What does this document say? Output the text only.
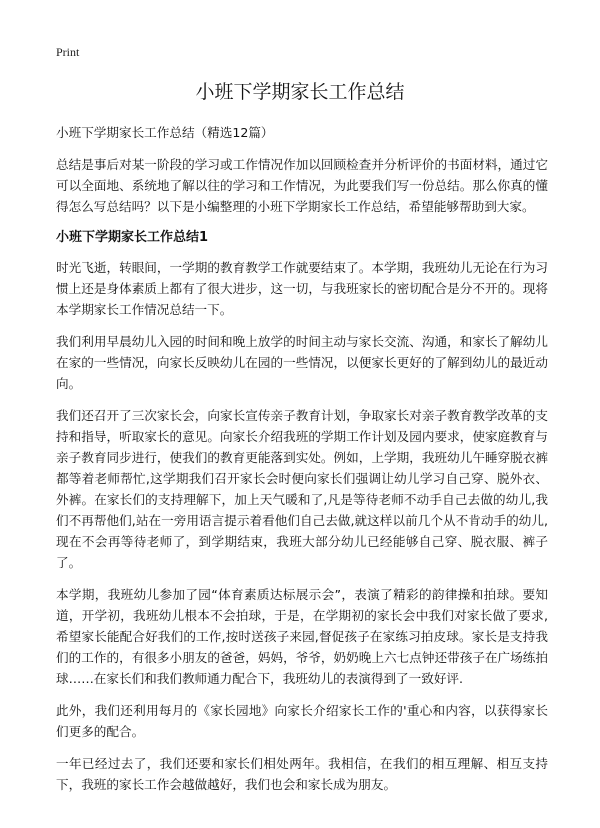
Print
小班下学期家长工作总结

小班下学期家长工作总结（精选12篇）

总结是事后对某一阶段的学习或工作情况作加以回顾检查并分析评价的书面材料，通过它可以全面地、系统地了解以往的学习和工作情况，为此要我们写一份总结。那么你真的懂得怎么写总结吗？以下是小编整理的小班下学期家长工作总结，希望能够帮助到大家。

小班下学期家长工作总结1

时光飞逝，转眼间，一学期的教育教学工作就要结束了。本学期，我班幼儿无论在行为习惯上还是身体素质上都有了很大进步，这一切，与我班家长的密切配合是分不开的。现将本学期家长工作情况总结一下。

我们利用早晨幼儿入园的时间和晚上放学的时间主动与家长交流、沟通，和家长了解幼儿在家的一些情况，向家长反映幼儿在园的一些情况，以便家长更好的了解到幼儿的最近动向。

我们还召开了三次家长会，向家长宣传亲子教育计划，争取家长对亲子教育教学改革的支持和指导，听取家长的意见。向家长介绍我班的学期工作计划及园内要求，使家庭教育与亲子教育同步进行，使我们的教育更能落到实处。例如，上学期，我班幼儿午睡穿脱衣裤都等着老师帮忙,这学期我们召开家长会时便向家长们强调让幼儿学习自己穿、脱外衣、外裤。在家长们的支持理解下，加上天气暖和了,凡是等待老师不动手自己去做的幼儿,我们不再帮他们,站在一旁用语言提示着看他们自己去做,就这样以前几个从不肯动手的幼儿,现在不会再等待老师了，到学期结束，我班大部分幼儿已经能够自己穿、脱衣服、裤子了。

本学期，我班幼儿参加了园“体育素质达标展示会”，表演了精彩的韵律操和拍球。要知道，开学初，我班幼儿根本不会拍球，于是，在学期初的家长会中我们对家长做了要求,希望家长能配合好我们的工作,按时送孩子来园,督促孩子在家练习拍皮球。家长是支持我们的工作的，有很多小朋友的爸爸，妈妈，爷爷，奶奶晚上六七点钟还带孩子在广场练拍球……在家长们和我们教师通力配合下，我班幼儿的表演得到了一致好评.

此外，我们还利用每月的《家长园地》向家长介绍家长工作的'重心和内容，以获得家长们更多的配合。

一年已经过去了，我们还要和家长们相处两年。我相信，在我们的相互理解、相互支持下，我班的家长工作会越做越好，我们也会和家长成为朋友。
